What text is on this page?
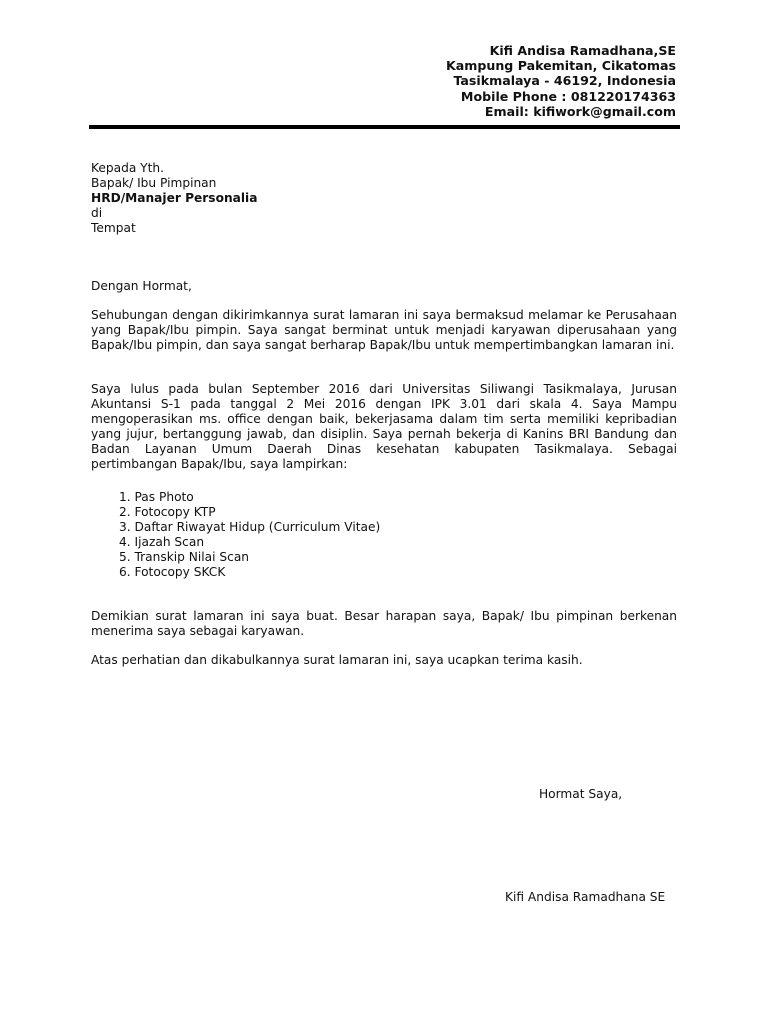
Kifi Andisa Ramadhana,SE
Kampung Pakemitan, Cikatomas
Tasikmalaya - 46192, Indonesia
Mobile Phone : 081220174363
Email: kifiwork@gmail.com
Kepada Yth.
Bapak/ Ibu Pimpinan
HRD/Manajer Personalia
di
Tempat
Dengan Hormat,

Sehubungan dengan dikirimkannya surat lamaran ini saya bermaksud melamar ke Perusahaan yang Bapak/Ibu pimpin. Saya sangat berminat untuk menjadi karyawan diperusahaan yang Bapak/Ibu pimpin, dan saya sangat berharap Bapak/Ibu untuk mempertimbangkan lamaran ini.

Saya lulus pada bulan September 2016 dari Universitas Siliwangi Tasikmalaya, Jurusan Akuntansi S-1 pada tanggal 2 Mei 2016 dengan IPK 3.01 dari skala 4. Saya Mampu mengoperasikan ms. office dengan baik, bekerjasama dalam tim serta memiliki kepribadian yang jujur, bertanggung jawab, dan disiplin. Saya pernah bekerja di Kanins BRI Bandung dan Badan Layanan Umum Daerah Dinas kesehatan kabupaten Tasikmalaya. Sebagai pertimbangan Bapak/Ibu, saya lampirkan:

1. Pas Photo
2. Fotocopy KTP
3. Daftar Riwayat Hidup (Curriculum Vitae)
4. Ijazah Scan
5. Transkip Nilai Scan
6. Fotocopy SKCK

Demikian surat lamaran ini saya buat. Besar harapan saya, Bapak/ Ibu pimpinan berkenan menerima saya sebagai karyawan.

Atas perhatian dan dikabulkannya surat lamaran ini, saya ucapkan terima kasih.

Hormat Saya,
Kifi Andisa Ramadhana SE
